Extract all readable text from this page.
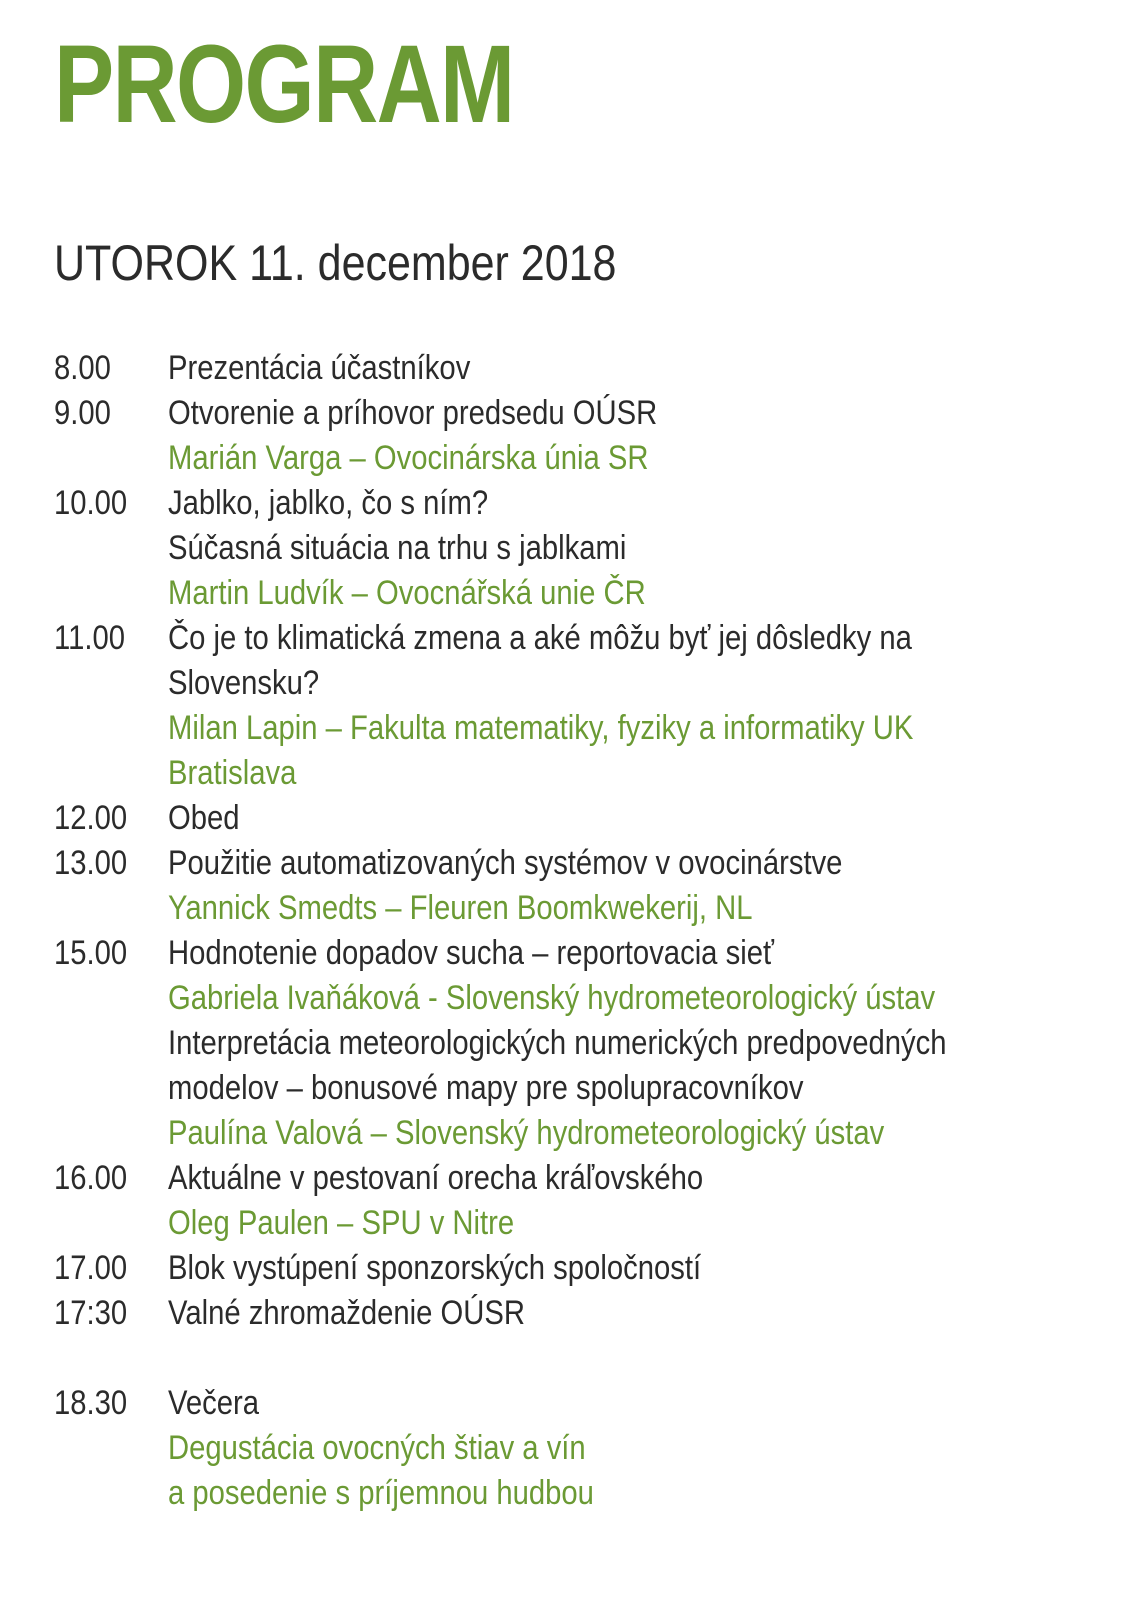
PROGRAM
UTOROK 11. december 2018
8.00 Prezentácia účastníkov
9.00 Otvorenie a príhovor predsedu OÚSR
Marián Varga – Ovocinárska únia SR
10.00 Jablko, jablko, čo s ním?
Súčasná situácia na trhu s jablkami
Martin Ludvík – Ovocnářská unie ČR
11.00 Čo je to klimatická zmena a aké môžu byť jej dôsledky na
Slovensku?
Milan Lapin – Fakulta matematiky, fyziky a informatiky UK
Bratislava
12.00 Obed
13.00 Použitie automatizovaných systémov v ovocinárstve
Yannick Smedts – Fleuren Boomkwekerij, NL
15.00 Hodnotenie dopadov sucha – reportovacia sieť
Gabriela Ivaňáková - Slovenský hydrometeorologický ústav
Interpretácia meteorologických numerických predpovedných
modelov – bonusové mapy pre spolupracovníkov
Paulína Valová – Slovenský hydrometeorologický ústav
16.00 Aktuálne v pestovaní orecha kráľovského
Oleg Paulen – SPU v Nitre
17.00 Blok vystúpení sponzorských spoločností
17:30 Valné zhromaždenie OÚSR
18.30 Večera
Degustácia ovocných štiav a vín
a posedenie s príjemnou hudbou
